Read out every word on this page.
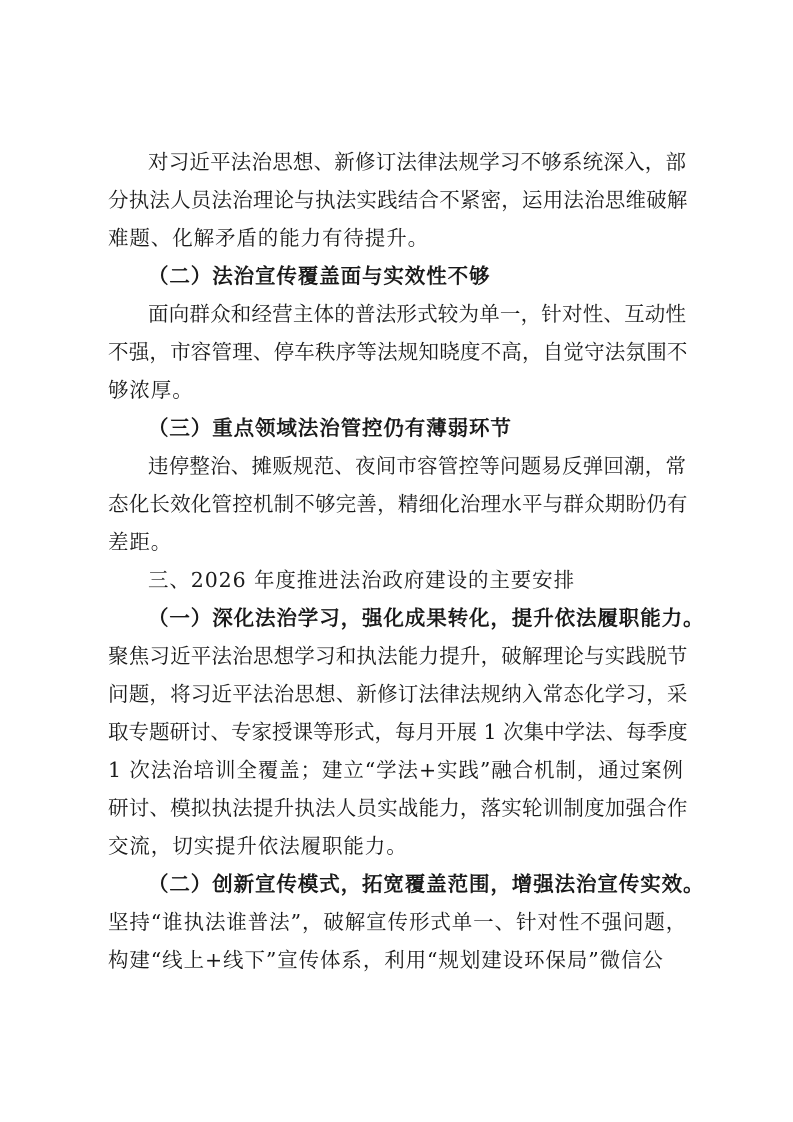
对习近平法治思想、新修订法律法规学习不够系统深入，部
分执法人员法治理论与执法实践结合不紧密，运用法治思维破解
难题、化解矛盾的能力有待提升。
（二）法治宣传覆盖面与实效性不够
面向群众和经营主体的普法形式较为单一，针对性、互动性
不强，市容管理、停车秩序等法规知晓度不高，自觉守法氛围不
够浓厚。
（三）重点领域法治管控仍有薄弱环节
违停整治、摊贩规范、夜间市容管控等问题易反弹回潮，常
态化长效化管控机制不够完善，精细化治理水平与群众期盼仍有
差距。
三、2026 年度推进法治政府建设的主要安排
（一）深化法治学习，强化成果转化，提升依法履职能力。
聚焦习近平法治思想学习和执法能力提升，破解理论与实践脱节
问题，将习近平法治思想、新修订法律法规纳入常态化学习，采
取专题研讨、专家授课等形式，每月开展 1 次集中学法、每季度
1 次法治培训全覆盖；建立“学法+实践”融合机制，通过案例
研讨、模拟执法提升执法人员实战能力，落实轮训制度加强合作
交流，切实提升依法履职能力。
（二）创新宣传模式，拓宽覆盖范围，增强法治宣传实效。
坚持“谁执法谁普法”，破解宣传形式单一、针对性不强问题，
构建“线上+线下”宣传体系，利用“规划建设环保局”微信公
